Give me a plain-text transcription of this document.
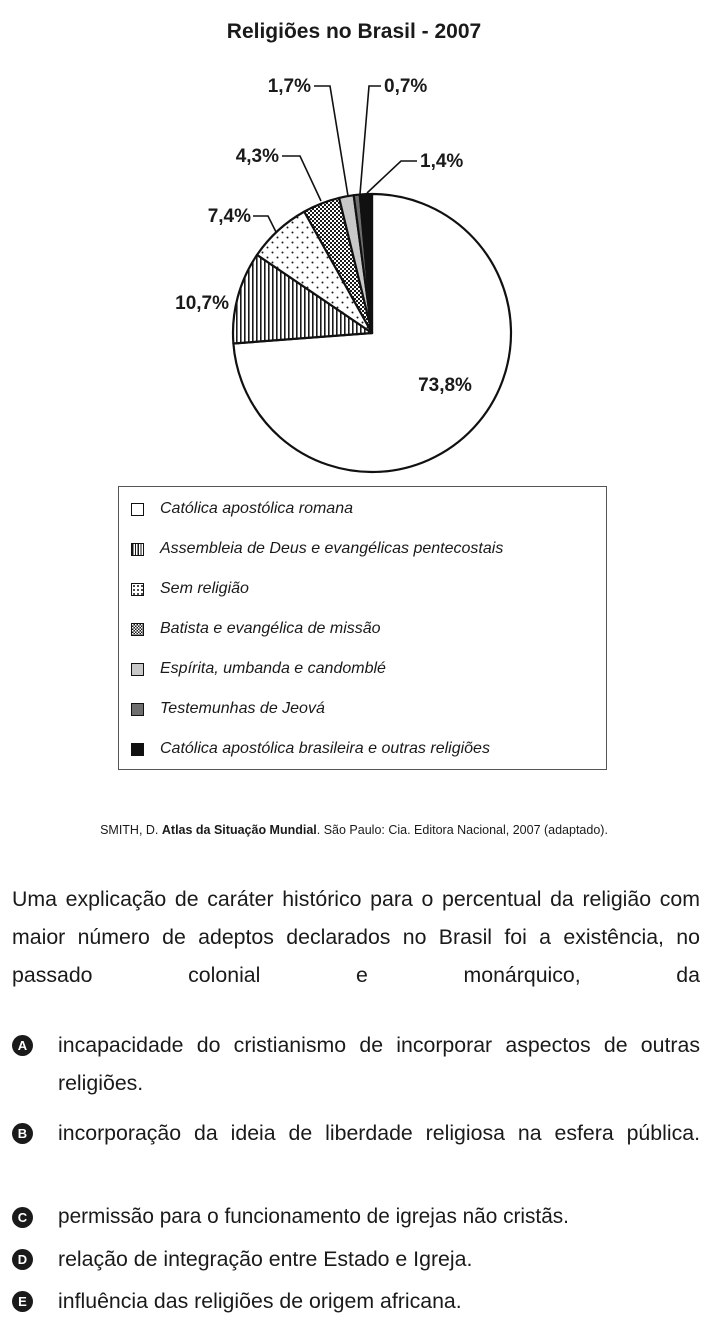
Religiões no Brasil - 2007
73,8%
10,7%
7,4%
4,3%
1,7%	0,7%
1,4%
Católica apostólica romana
Assembleia de Deus e evangélicas pentecostais
Sem religião
Batista e evangélica de missão
Espírita, umbanda e candomblé
Testemunhas de Jeová
Católica apostólica brasileira e outras religiões
SMITH, D. Atlas da Situação Mundial. São Paulo: Cia. Editora Nacional, 2007 (adaptado).
Uma explicação de caráter histórico para o percentual da religião com maior número de adeptos declarados no Brasil foi a existência, no passado colonial e monárquico, da
A incapacidade do cristianismo de incorporar aspectos de outras religiões.
B incorporação da ideia de liberdade religiosa na esfera pública.
C permissão para o funcionamento de igrejas não cristãs.
D relação de integração entre Estado e Igreja.
E influência das religiões de origem africana.
